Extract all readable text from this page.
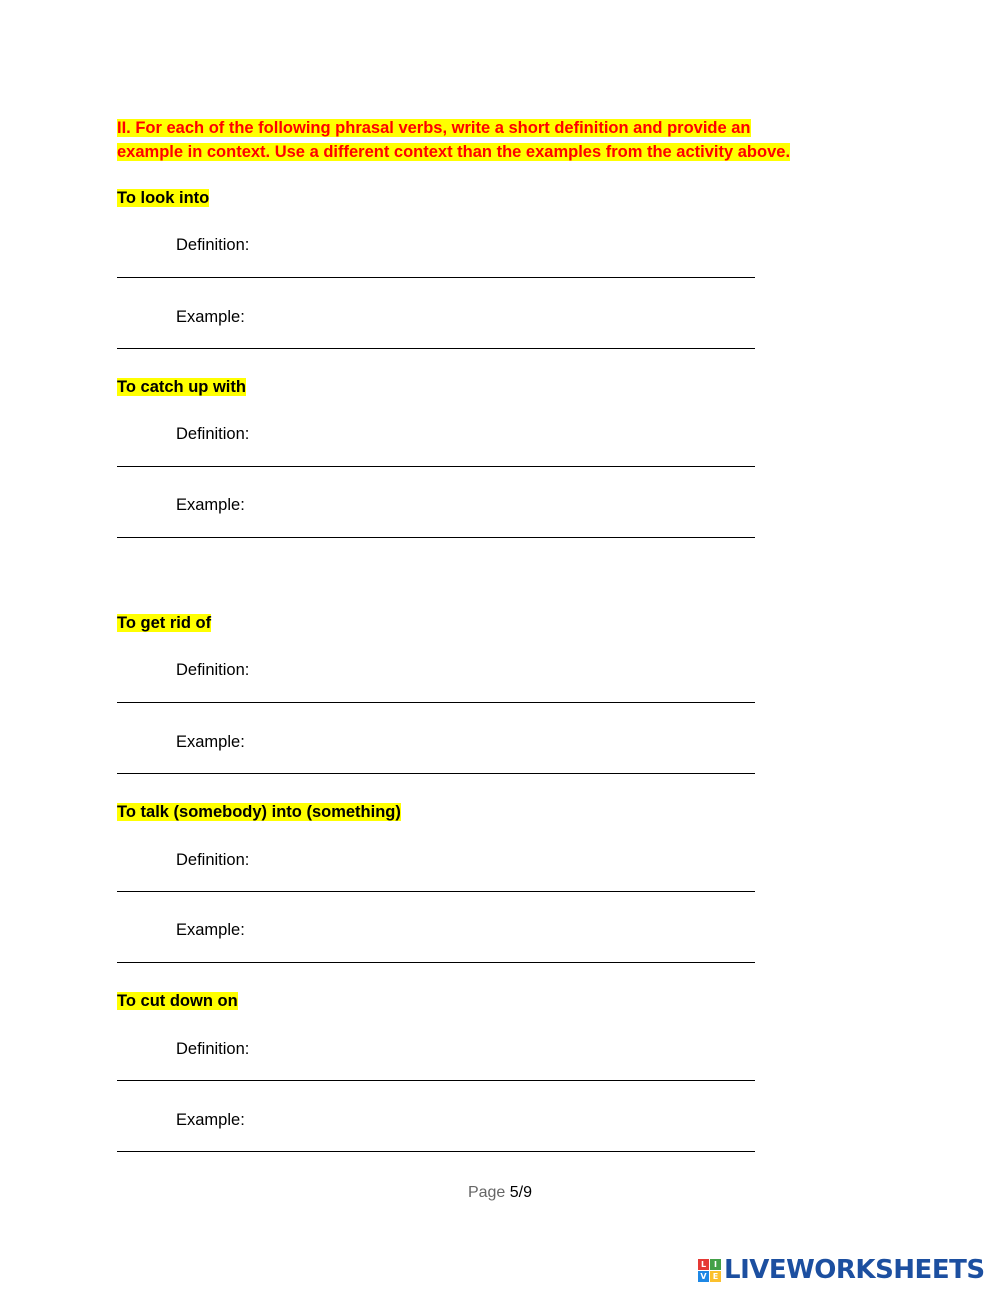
II. For each of the following phrasal verbs, write a short definition and provide an
example in context. Use a different context than the examples from the activity above.
To look into
Definition:
Example:
To catch up with
Definition:
Example:
To get rid of
Definition:
Example:
To talk (somebody) into (something)
Definition:
Example:
To cut down on
Definition:
Example:
Page 5/9
L I
V E LIVEWORKSHEETS
